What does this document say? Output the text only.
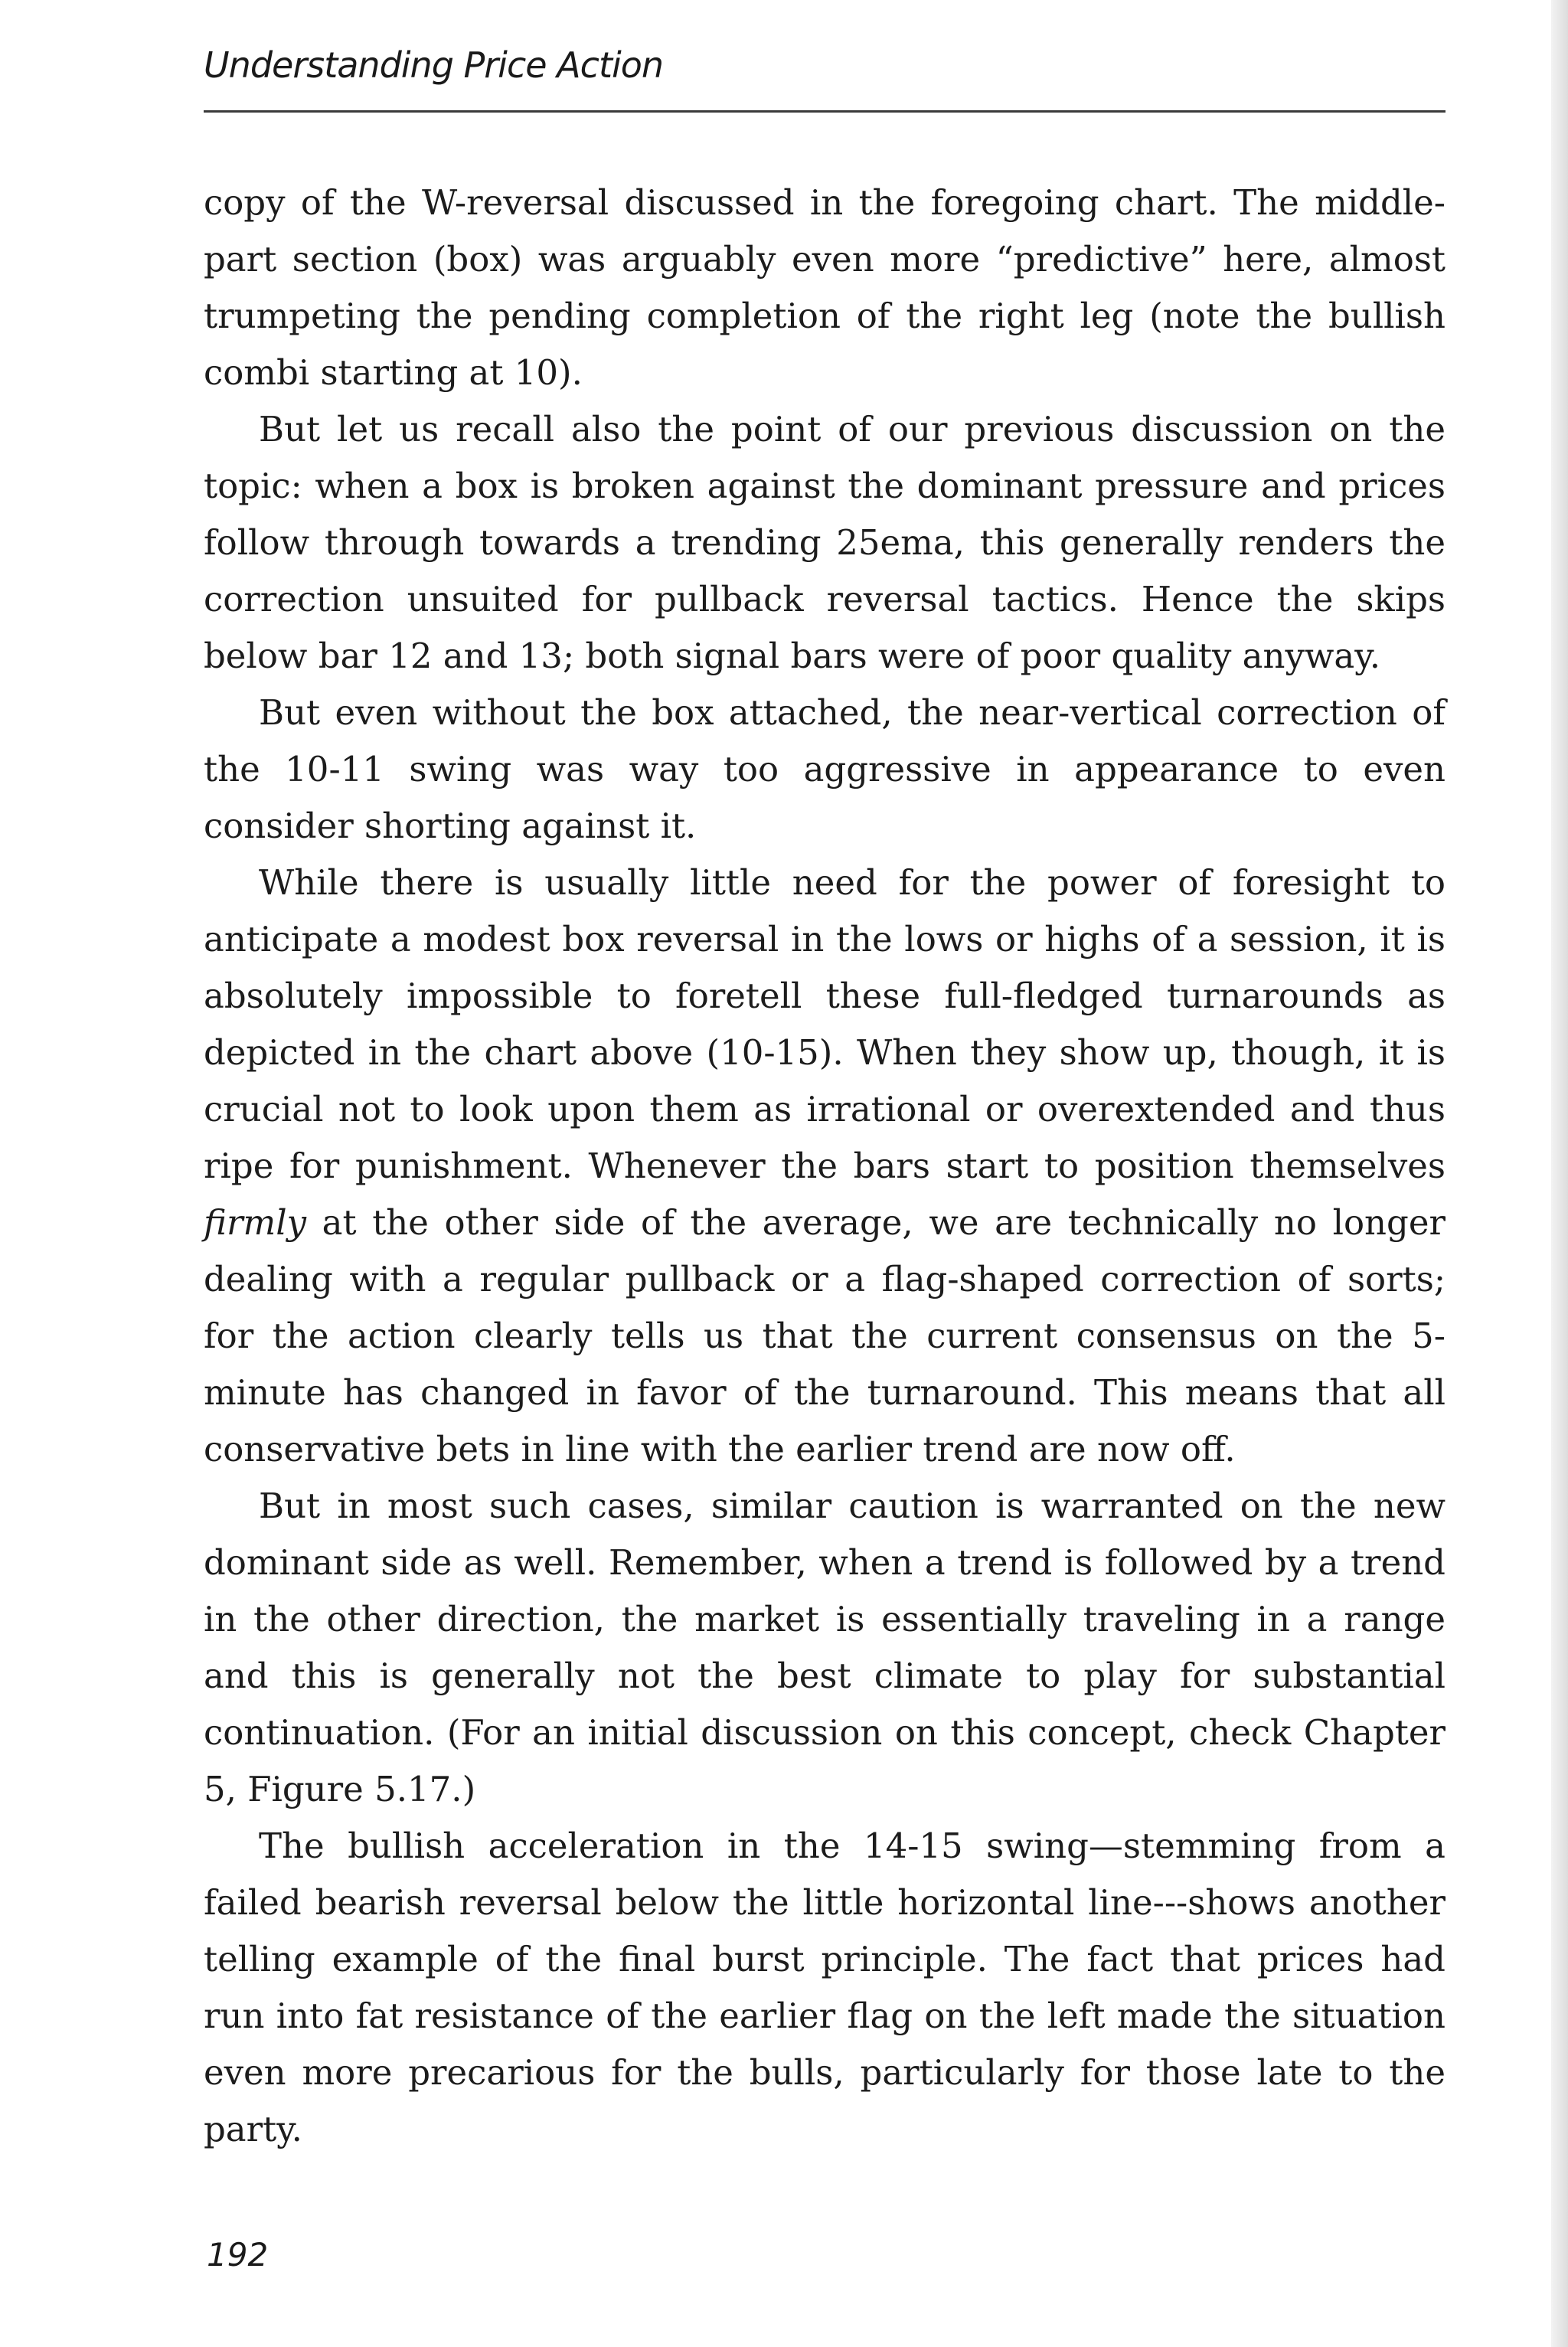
Understanding Price Action

copy of the W-reversal discussed in the foregoing chart. The middle-part section (box) was arguably even more “predictive” here, almost trumpeting the pending completion of the right leg (note the bullish combi starting at 10).

But let us recall also the point of our previous discussion on the topic: when a box is broken against the dominant pressure and prices follow through towards a trending 25ema, this generally renders the correction unsuited for pullback reversal tactics. Hence the skips below bar 12 and 13; both signal bars were of poor quality anyway.

But even without the box attached, the near-vertical correction of the 10-11 swing was way too aggressive in appearance to even consider shorting against it.

While there is usually little need for the power of foresight to anticipate a modest box reversal in the lows or highs of a session, it is absolutely impossible to foretell these full-fledged turnarounds as depicted in the chart above (10-15). When they show up, though, it is crucial not to look upon them as irrational or overextended and thus ripe for punishment. Whenever the bars start to position themselves firmly at the other side of the average, we are technically no longer dealing with a regular pullback or a flag-shaped correction of sorts; for the action clearly tells us that the current consensus on the 5-minute has changed in favor of the turnaround. This means that all conservative bets in line with the earlier trend are now off.

But in most such cases, similar caution is warranted on the new dominant side as well. Remember, when a trend is followed by a trend in the other direction, the market is essentially traveling in a range and this is generally not the best climate to play for substantial continuation. (For an initial discussion on this concept, check Chapter 5, Figure 5.17.)

The bullish acceleration in the 14-15 swing—stemming from a failed bearish reversal below the little horizontal line---shows another telling example of the final burst principle. The fact that prices had run into fat resistance of the earlier flag on the left made the situation even more precarious for the bulls, particularly for those late to the party.

192
